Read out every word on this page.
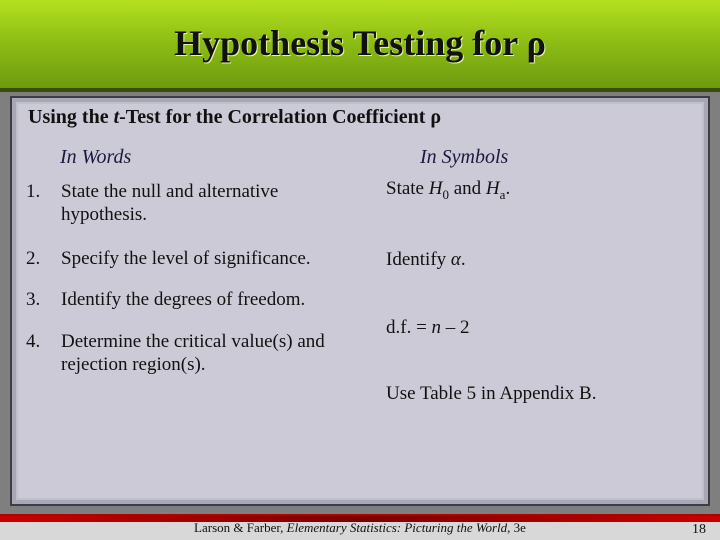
Hypothesis Testing for ρ
Using the t-Test for the Correlation Coefficient ρ
In Words	In Symbols
1. State the null and alternative
hypothesis.
2. Specify the level of significance.
3. Identify the degrees of freedom.
4. Determine the critical value(s) and
rejection region(s).
State $H_0$ and $H_a$.
Identify α.
d.f. = n – 2
Use Table 5 in Appendix B.
Larson & Farber, Elementary Statistics: Picturing the World, 3e	18
